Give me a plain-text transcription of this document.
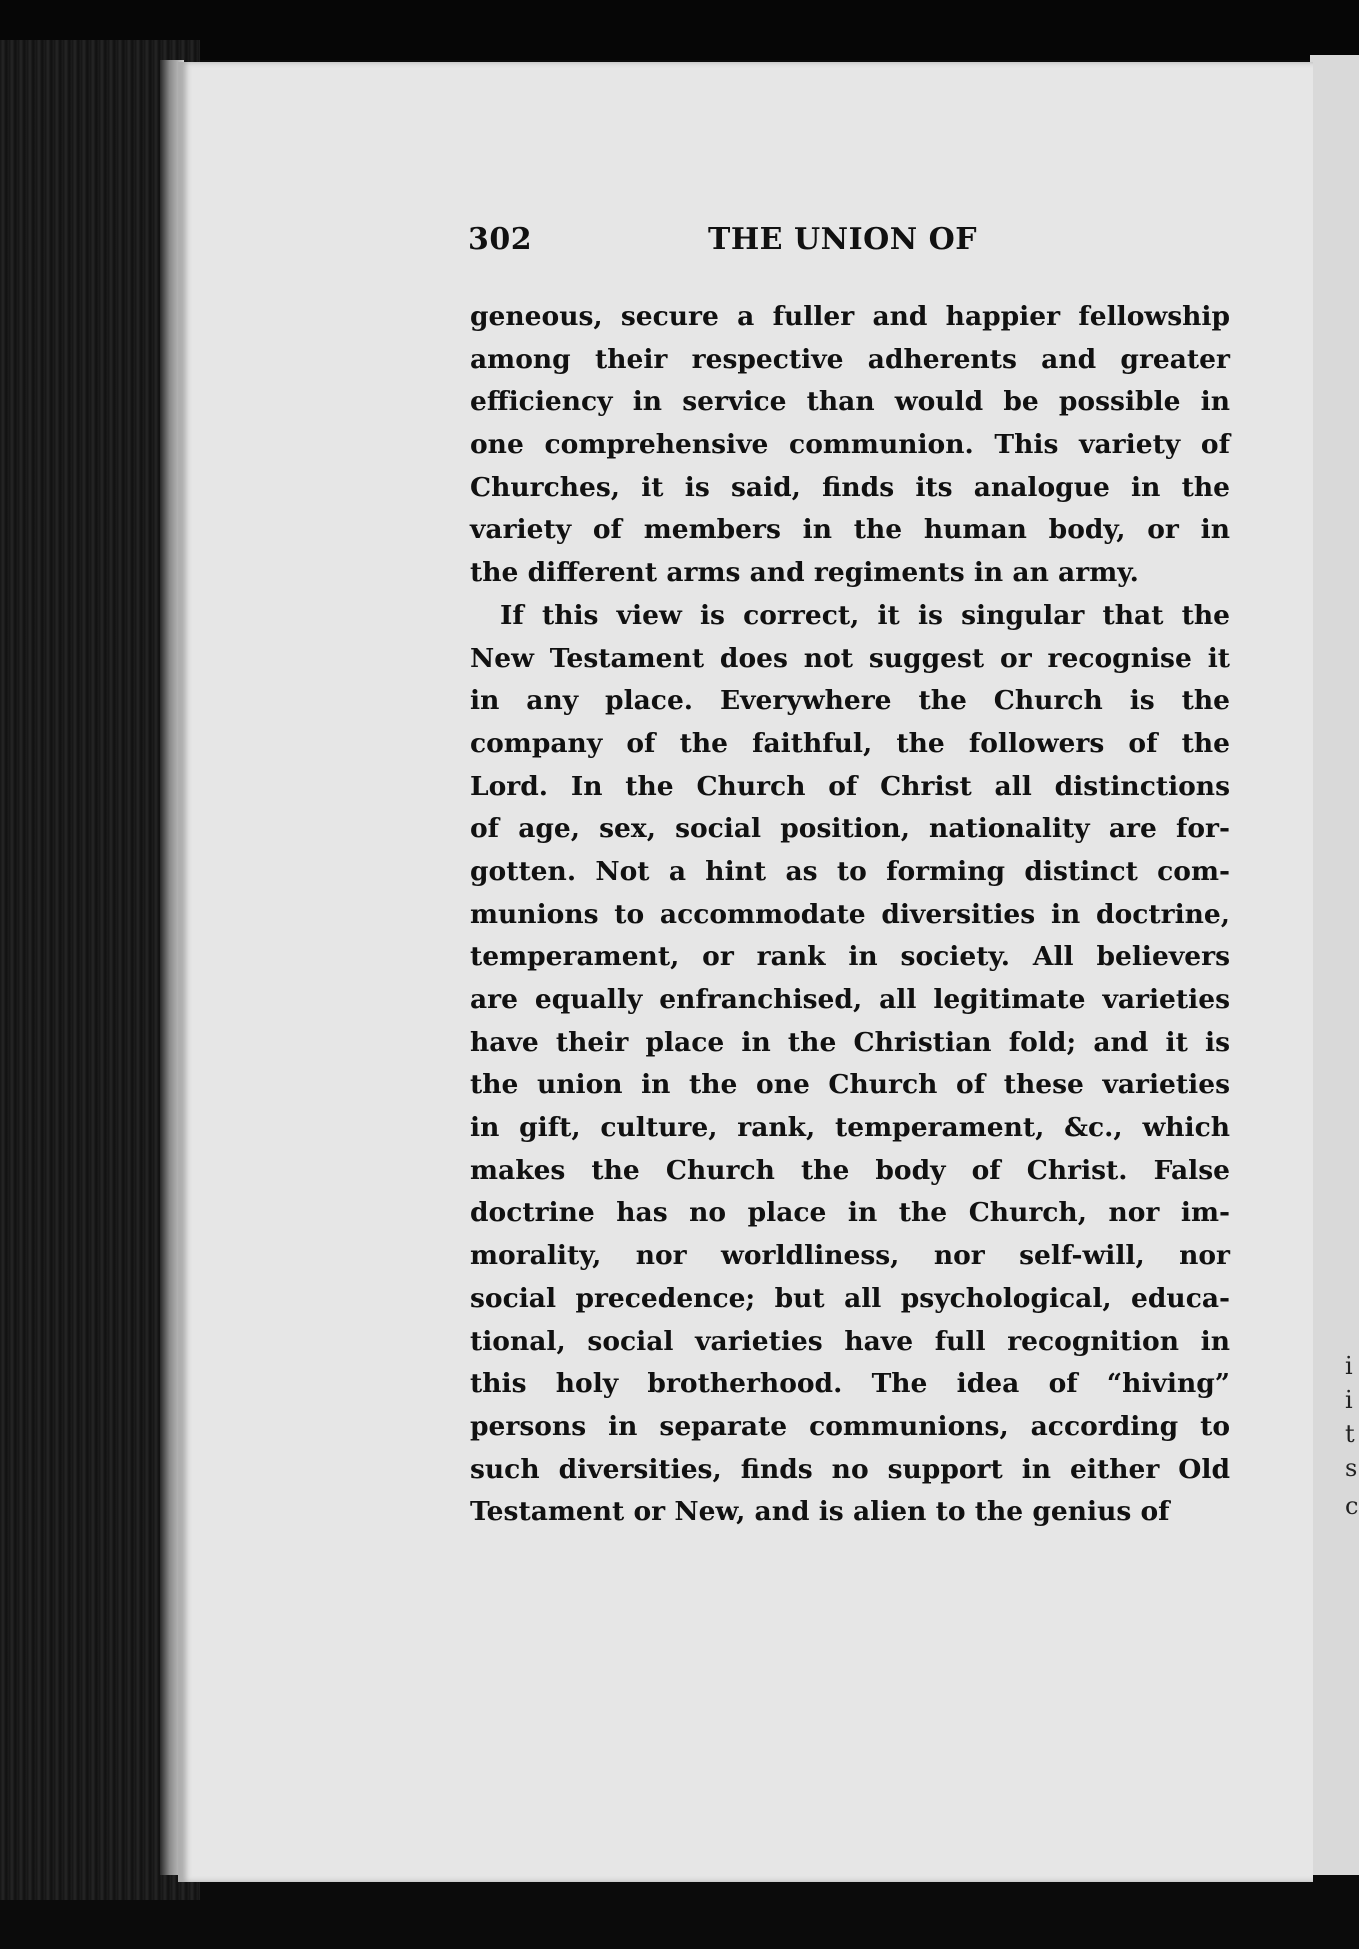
302	THE UNION OF
geneous, secure a fuller and happier fellowship
among their respective adherents and greater
efficiency in service than would be possible in
one comprehensive communion. This variety of
Churches, it is said, finds its analogue in the
variety of members in the human body, or in
the different arms and regiments in an army.
If this view is correct, it is singular that the
New Testament does not suggest or recognise it
in any place. Everywhere the Church is the
company of the faithful, the followers of the
Lord. In the Church of Christ all distinctions
of age, sex, social position, nationality are for-
gotten. Not a hint as to forming distinct com-
munions to accommodate diversities in doctrine,
temperament, or rank in society. All believers
are equally enfranchised, all legitimate varieties
have their place in the Christian fold; and it is
the union in the one Church of these varieties
in gift, culture, rank, temperament, &c., which
makes the Church the body of Christ. False
doctrine has no place in the Church, nor im-
morality, nor worldliness, nor self-will, nor
social precedence; but all psychological, educa-
tional, social varieties have full recognition in
this holy brotherhood. The idea of “hiving”
persons in separate communions, according to
such diversities, finds no support in either Old
Testament or New, and is alien to the genius of
i
i
t
s
c
